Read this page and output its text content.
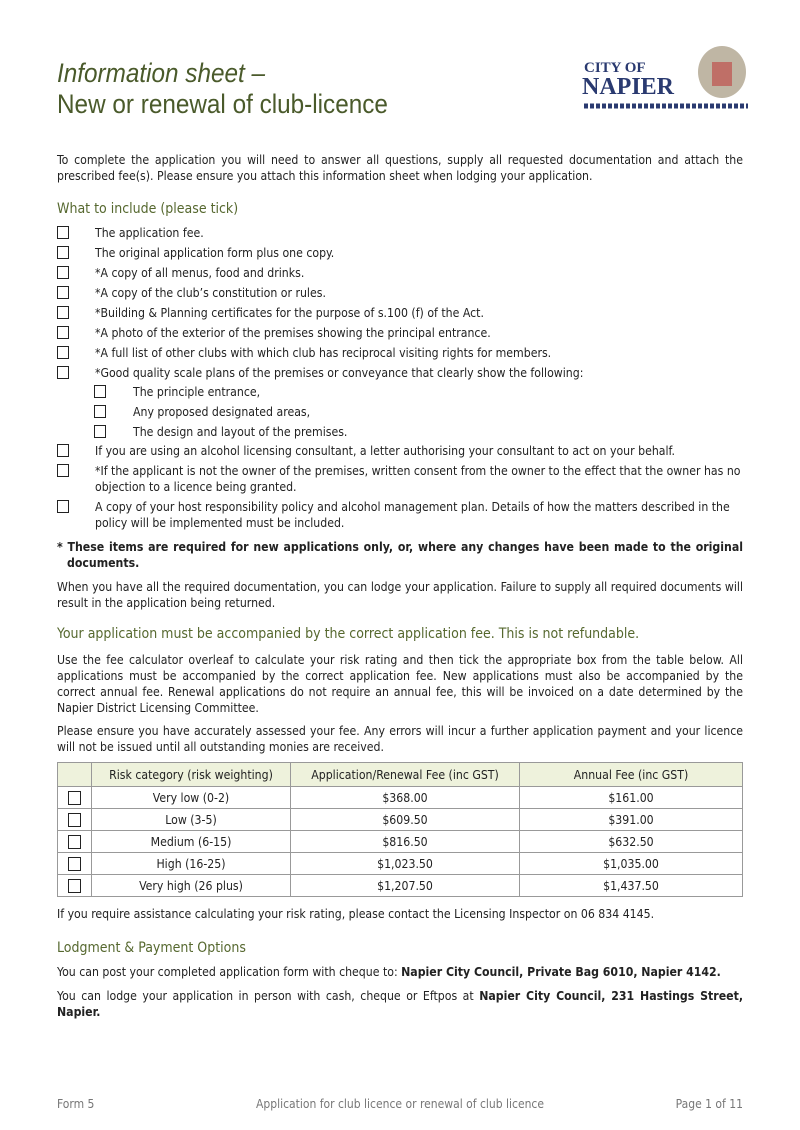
Information sheet –
New or renewal of club-licence
CITY OF
NAPIER
To complete the application you will need to answer all questions, supply all requested documentation and attach the prescribed fee(s). Please ensure you attach this information sheet when lodging your application.
What to include (please tick)
The application fee.
The original application form plus one copy.
*A copy of all menus, food and drinks.
*A copy of the club’s constitution or rules.
*Building & Planning certificates for the purpose of s.100 (f) of the Act.
*A photo of the exterior of the premises showing the principal entrance.
*A full list of other clubs with which club has reciprocal visiting rights for members.
*Good quality scale plans of the premises or conveyance that clearly show the following:
The principle entrance,
Any proposed designated areas,
The design and layout of the premises.
If you are using an alcohol licensing consultant, a letter authorising your consultant to act on your behalf.
*If the applicant is not the owner of the premises, written consent from the owner to the effect that the owner has no objection to a licence being granted.
A copy of your host responsibility policy and alcohol management plan. Details of how the matters described in the policy will be implemented must be included.
* These items are required for new applications only, or, where any changes have been made to the original documents.
When you have all the required documentation, you can lodge your application. Failure to supply all required documents will result in the application being returned.
Your application must be accompanied by the correct application fee. This is not refundable.
Use the fee calculator overleaf to calculate your risk rating and then tick the appropriate box from the table below. All applications must be accompanied by the correct application fee. New applications must also be accompanied by the correct annual fee. Renewal applications do not require an annual fee, this will be invoiced on a date determined by the Napier District Licensing Committee.
Please ensure you have accurately assessed your fee. Any errors will incur a further application payment and your licence will not be issued until all outstanding monies are received.
	Risk category (risk weighting)	Application/Renewal Fee (inc GST)	Annual Fee (inc GST)
	Very low (0-2)	$368.00	$161.00
	Low (3-5)	$609.50	$391.00
	Medium (6-15)	$816.50	$632.50
	High (16-25)	$1,023.50	$1,035.00
	Very high (26 plus)	$1,207.50	$1,437.50
If you require assistance calculating your risk rating, please contact the Licensing Inspector on 06 834 4145.
Lodgment & Payment Options
You can post your completed application form with cheque to: Napier City Council, Private Bag 6010, Napier 4142.
You can lodge your application in person with cash, cheque or Eftpos at Napier City Council, 231 Hastings Street, Napier.
Form 5	Application for club licence or renewal of club licence	Page 1 of 11
